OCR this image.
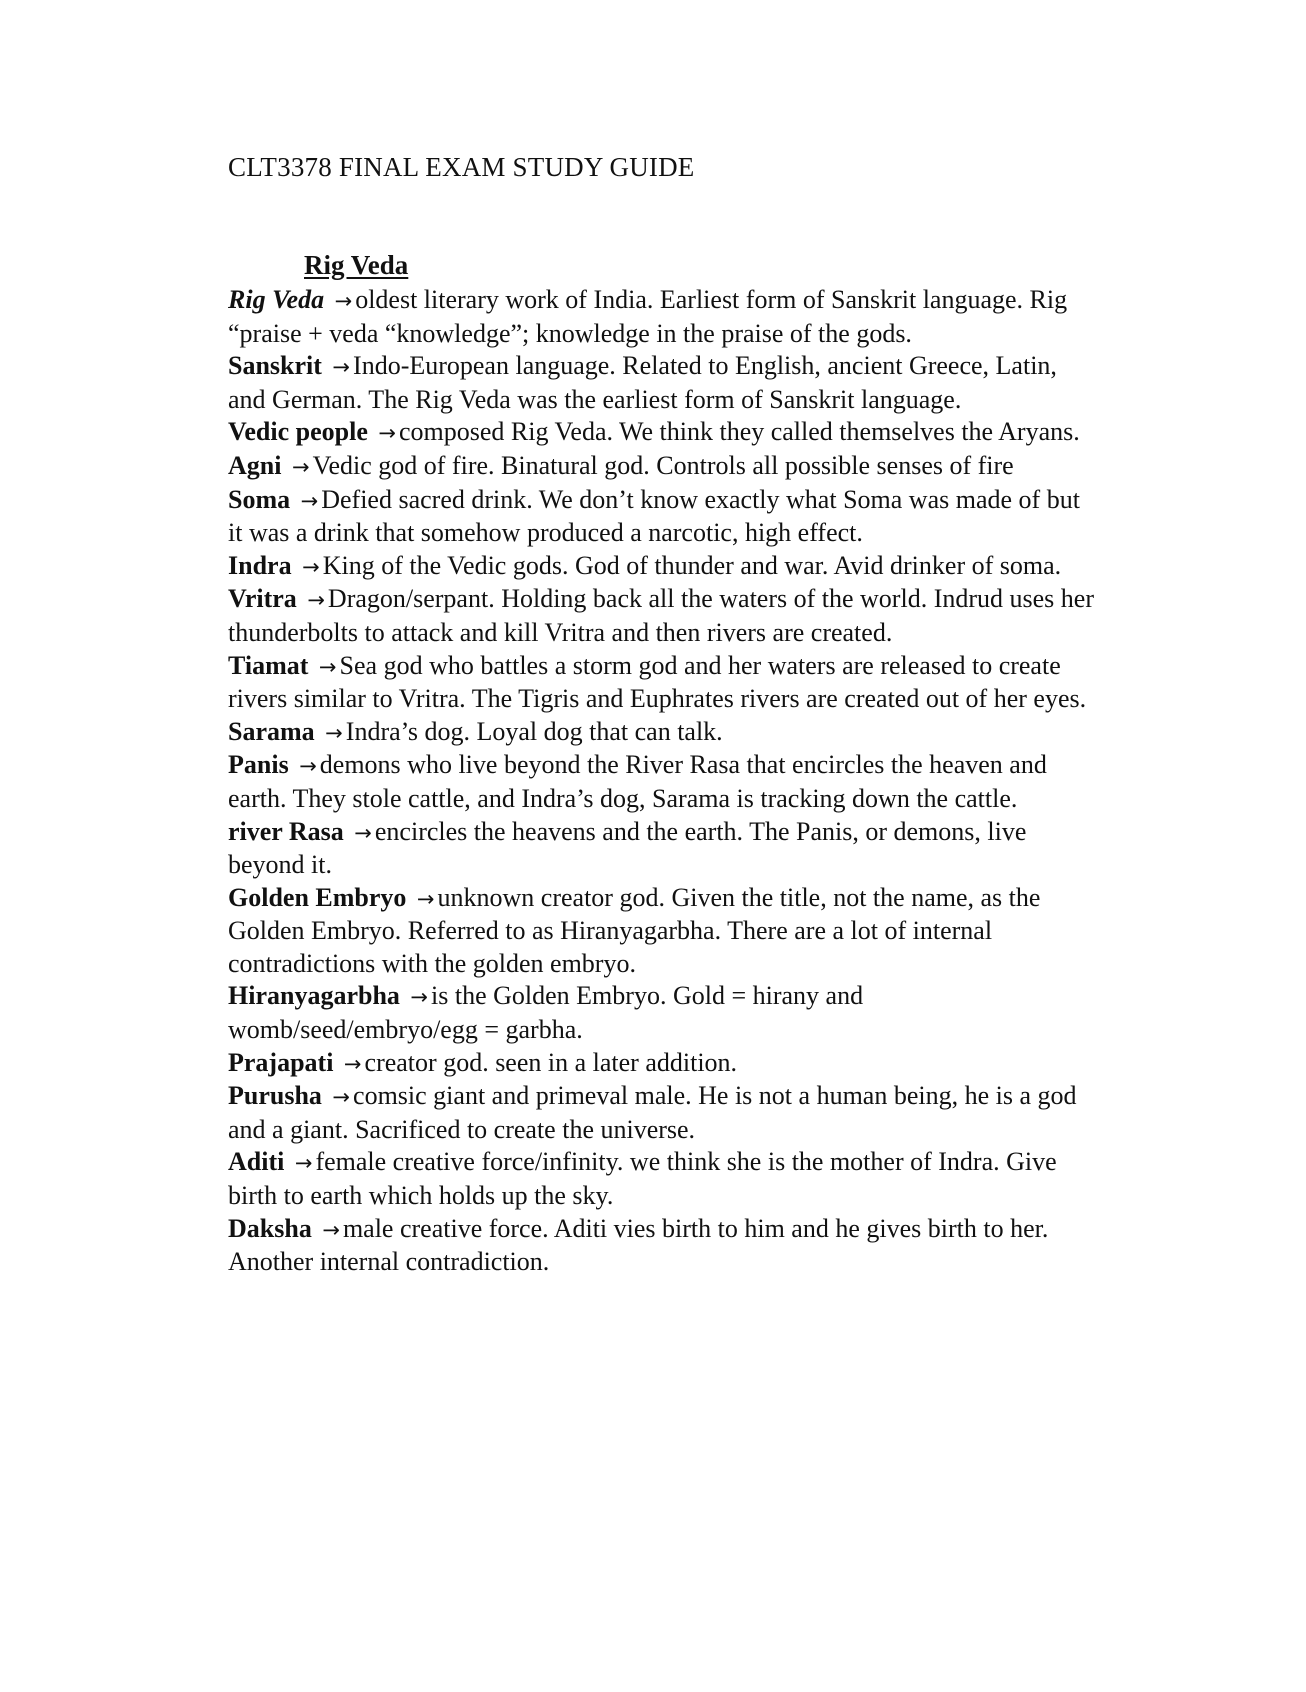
CLT3378 FINAL EXAM STUDY GUIDE
Rig Veda
Rig Veda → oldest literary work of India. Earliest form of Sanskrit language. Rig “praise + veda “knowledge”; knowledge in the praise of the gods.
Sanskrit → Indo-European language. Related to English, ancient Greece, Latin, and German. The Rig Veda was the earliest form of Sanskrit language.
Vedic people → composed Rig Veda. We think they called themselves the Aryans.
Agni → Vedic god of fire. Binatural god. Controls all possible senses of fire
Soma → Defied sacred drink. We don’t know exactly what Soma was made of but it was a drink that somehow produced a narcotic, high effect.
Indra → King of the Vedic gods. God of thunder and war. Avid drinker of soma.
Vritra → Dragon/serpant. Holding back all the waters of the world. Indrud uses her thunderbolts to attack and kill Vritra and then rivers are created.
Tiamat → Sea god who battles a storm god and her waters are released to create rivers similar to Vritra. The Tigris and Euphrates rivers are created out of her eyes.
Sarama → Indra’s dog. Loyal dog that can talk.
Panis → demons who live beyond the River Rasa that encircles the heaven and earth. They stole cattle, and Indra’s dog, Sarama is tracking down the cattle.
river Rasa → encircles the heavens and the earth. The Panis, or demons, live beyond it.
Golden Embryo → unknown creator god. Given the title, not the name, as the Golden Embryo. Referred to as Hiranyagarbha. There are a lot of internal contradictions with the golden embryo.
Hiranyagarbha → is the Golden Embryo. Gold = hirany and womb/seed/embryo/egg = garbha.
Prajapati → creator god. seen in a later addition.
Purusha → comsic giant and primeval male. He is not a human being, he is a god and a giant. Sacrificed to create the universe.
Aditi → female creative force/infinity. we think she is the mother of Indra. Give birth to earth which holds up the sky.
Daksha → male creative force. Aditi vies birth to him and he gives birth to her. Another internal contradiction.
